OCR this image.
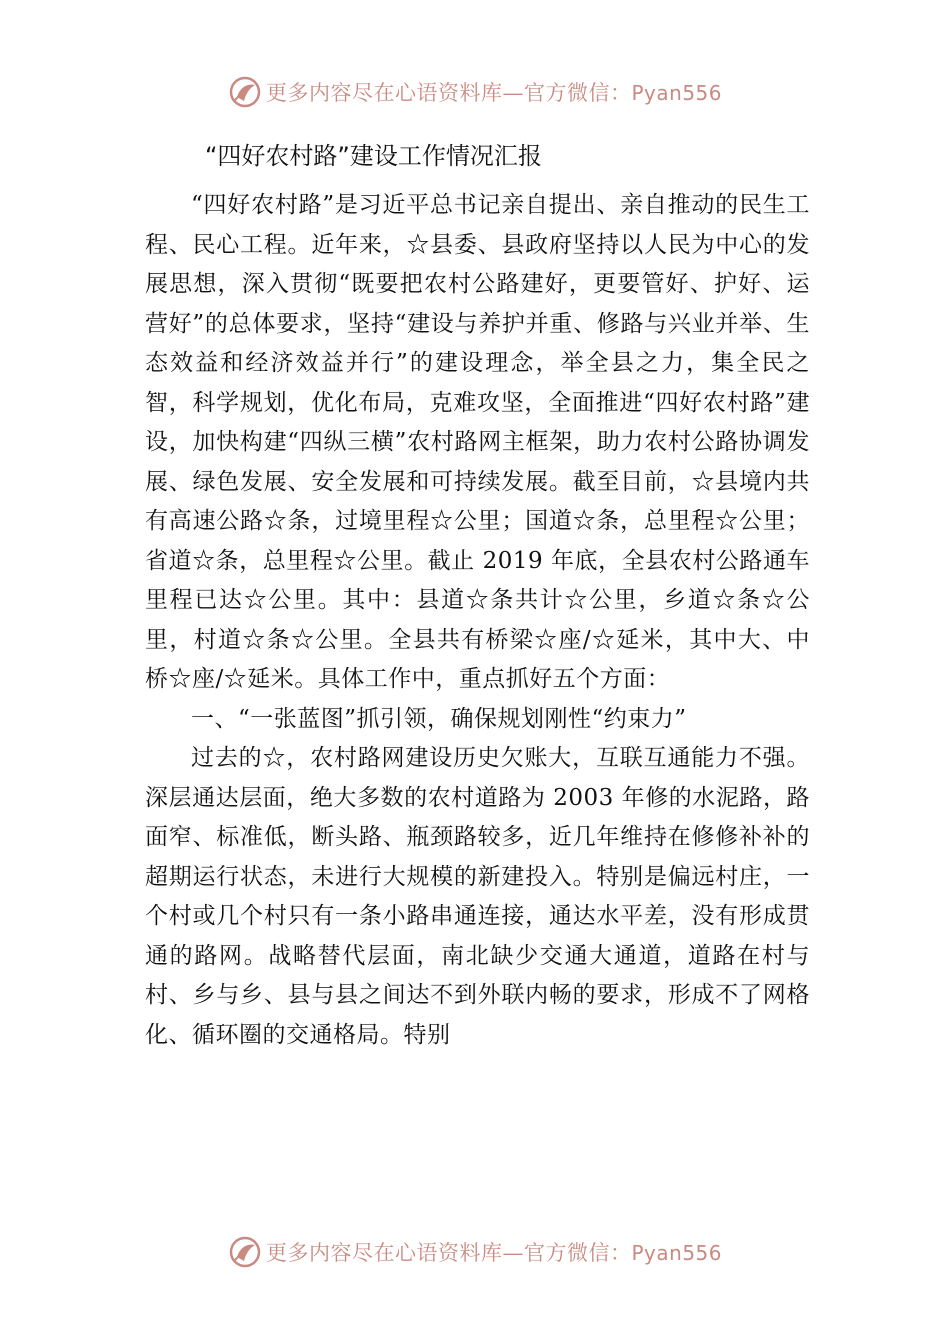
更多内容尽在心语资料库—官方微信：Pyan556
“四好农村路”建设工作情况汇报

“四好农村路”是习近平总书记亲自提出、亲自推动的民生工程、民心工程。近年来，☆县委、县政府坚持以人民为中心的发展思想，深入贯彻“既要把农村公路建好，更要管好、护好、运营好”的总体要求，坚持“建设与养护并重、修路与兴业并举、生态效益和经济效益并行”的建设理念，举全县之力，集全民之智，科学规划，优化布局，克难攻坚，全面推进“四好农村路”建设，加快构建“四纵三横”农村路网主框架，助力农村公路协调发展、绿色发展、安全发展和可持续发展。截至目前，☆县境内共有高速公路☆条，过境里程☆公里；国道☆条，总里程☆公里；省道☆条，总里程☆公里。截止 2019 年底，全县农村公路通车里程已达☆公里。其中：县道☆条共计☆公里，乡道☆条☆公里，村道☆条☆公里。全县共有桥梁☆座/☆延米，其中大、中桥☆座/☆延米。具体工作中，重点抓好五个方面：

一、“一张蓝图”抓引领，确保规划刚性“约束力”

过去的☆，农村路网建设历史欠账大，互联互通能力不强。深层通达层面，绝大多数的农村道路为 2003 年修的水泥路，路面窄、标准低，断头路、瓶颈路较多，近几年维持在修修补补的超期运行状态，未进行大规模的新建投入。特别是偏远村庄，一个村或几个村只有一条小路串通连接，通达水平差，没有形成贯通的路网。战略替代层面，南北缺少交通大通道，道路在村与村、乡与乡、县与县之间达不到外联内畅的要求，形成不了网格化、循环圈的交通格局。特别

更多内容尽在心语资料库—官方微信：Pyan556
